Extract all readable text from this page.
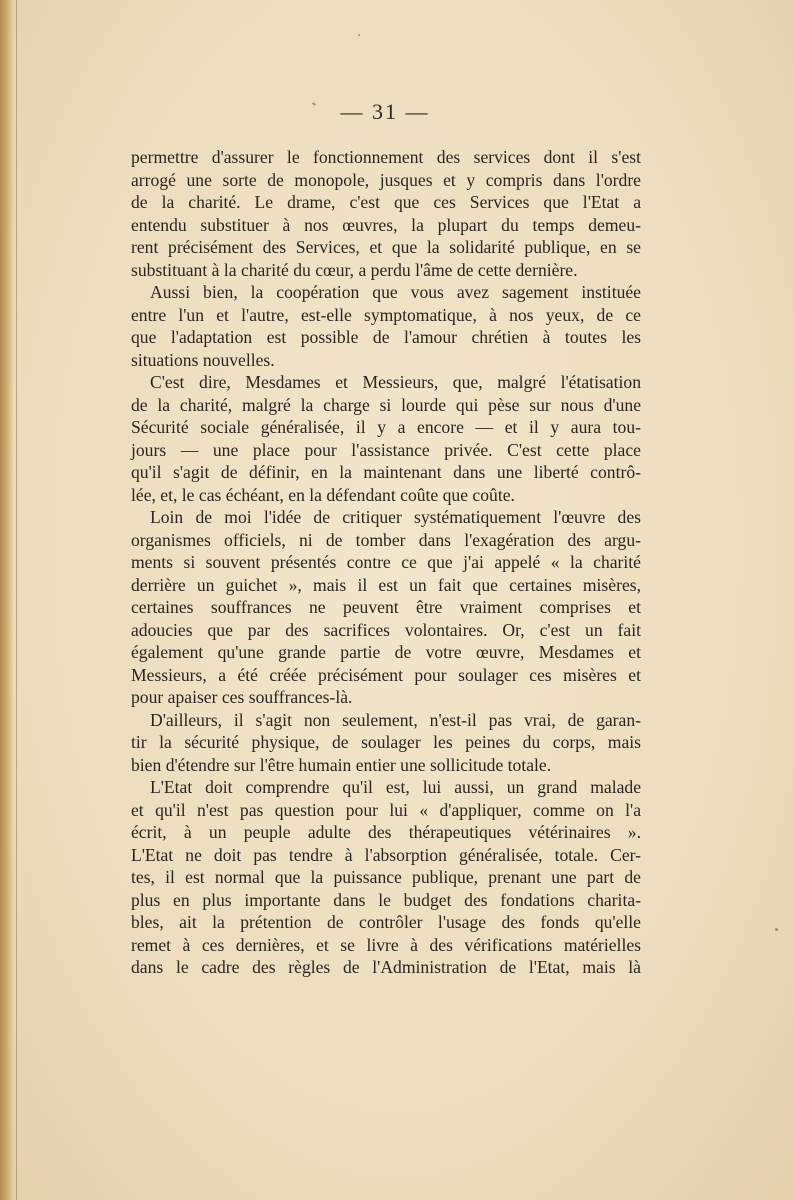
— 31 —
permettre d'assurer le fonctionnement des services dont il s'est
arrogé une sorte de monopole, jusques et y compris dans l'ordre
de la charité. Le drame, c'est que ces Services que l'Etat a
entendu substituer à nos œuvres, la plupart du temps demeu-
rent précisément des Services, et que la solidarité publique, en se
substituant à la charité du cœur, a perdu l'âme de cette dernière.
Aussi bien, la coopération que vous avez sagement instituée
entre l'un et l'autre, est-elle symptomatique, à nos yeux, de ce
que l'adaptation est possible de l'amour chrétien à toutes les
situations nouvelles.
C'est dire, Mesdames et Messieurs, que, malgré l'étatisation
de la charité, malgré la charge si lourde qui pèse sur nous d'une
Sécurité sociale généralisée, il y a encore — et il y aura tou-
jours — une place pour l'assistance privée. C'est cette place
qu'il s'agit de définir, en la maintenant dans une liberté contrô-
lée, et, le cas échéant, en la défendant coûte que coûte.
Loin de moi l'idée de critiquer systématiquement l'œuvre des
organismes officiels, ni de tomber dans l'exagération des argu-
ments si souvent présentés contre ce que j'ai appelé « la charité
derrière un guichet », mais il est un fait que certaines misères,
certaines souffrances ne peuvent être vraiment comprises et
adoucies que par des sacrifices volontaires. Or, c'est un fait
également qu'une grande partie de votre œuvre, Mesdames et
Messieurs, a été créée précisément pour soulager ces misères et
pour apaiser ces souffrances-là.
D'ailleurs, il s'agit non seulement, n'est-il pas vrai, de garan-
tir la sécurité physique, de soulager les peines du corps, mais
bien d'étendre sur l'être humain entier une sollicitude totale.
L'Etat doit comprendre qu'il est, lui aussi, un grand malade
et qu'il n'est pas question pour lui « d'appliquer, comme on l'a
écrit, à un peuple adulte des thérapeutiques vétérinaires ».
L'Etat ne doit pas tendre à l'absorption généralisée, totale. Cer-
tes, il est normal que la puissance publique, prenant une part de
plus en plus importante dans le budget des fondations charita-
bles, ait la prétention de contrôler l'usage des fonds qu'elle
remet à ces dernières, et se livre à des vérifications matérielles
dans le cadre des règles de l'Administration de l'Etat, mais là
